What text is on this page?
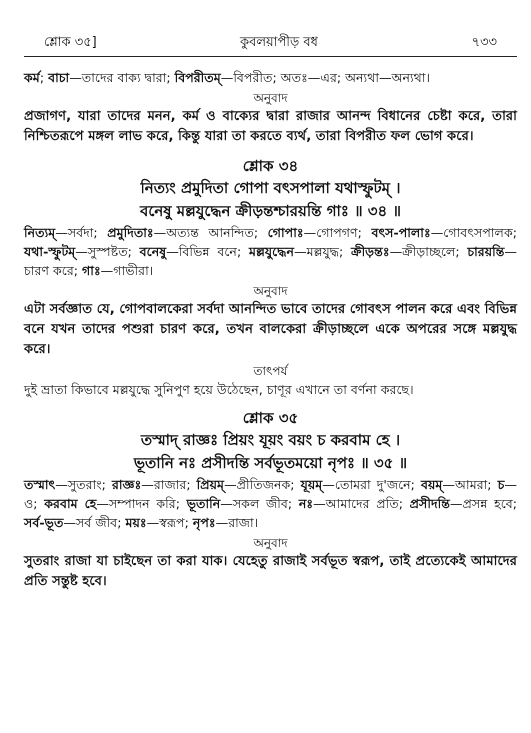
শ্লোক ৩৫]	কুবলয়াপীড় বধ	৭৩৩

কর্ম; বাচা—তাদের বাক্য দ্বারা; বিপরীতম্—বিপরীত; অতঃ—এর; অন্যথা—অন্যথা।

অনুবাদ

প্রজাগণ, যারা তাদের মনন, কর্ম ও বাক্যের দ্বারা রাজার আনন্দ বিধানের চেষ্টা করে, তারা নিশ্চিতরূপে মঙ্গল লাভ করে, কিন্তু যারা তা করতে ব্যর্থ, তারা বিপরীত ফল ভোগ করে।

শ্লোক ৩৪

নিত্যং প্রমুদিতা গোপা বৎসপালা যথাস্ফুটম্ ।

বনেষু মল্লযুদ্ধেন ক্রীড়ন্তশ্চারয়ন্তি গাঃ ॥ ৩৪ ॥

নিত্যম্—সর্বদা; প্রমুদিতাঃ—অত্যন্ত আনন্দিত; গোপাঃ—গোপগণ; বৎস-পালাঃ—গোবৎসপালক; যথা-স্ফুটম্—সুস্পষ্টত; বনেষু—বিভিন্ন বনে; মল্লযুদ্ধেন—মল্লযুদ্ধ; ক্রীড়ন্তঃ—ক্রীড়াচ্ছলে; চারয়ন্তি—চারণ করে; গাঃ—গাভীরা।

অনুবাদ

এটা সর্বজ্ঞাত যে, গোপবালকেরা সর্বদা আনন্দিত ভাবে তাদের গোবৎস পালন করে এবং বিভিন্ন বনে যখন তাদের পশুরা চারণ করে, তখন বালকেরা ক্রীড়াচ্ছলে একে অপরের সঙ্গে মল্লযুদ্ধ করে।

তাৎপর্য

দুই ভ্রাতা কিভাবে মল্লযুদ্ধে সুনিপুণ হয়ে উঠেছেন, চাণূর এখানে তা বর্ণনা করছে।

শ্লোক ৩৫

তস্মাদ্ রাজ্ঞঃ প্রিয়ং যূয়ং বয়ং চ করবাম হে ।

ভূতানি নঃ প্রসীদন্তি সর্বভূতময়ো নৃপঃ ॥ ৩৫ ॥

তস্মাৎ—সুতরাং; রাজ্ঞঃ—রাজার; প্রিয়ম্—প্রীতিজনক; যূয়ম্—তোমরা দু'জনে; বয়ম্—আমরা; চ—ও; করবাম হে—সম্পাদন করি; ভূতানি—সকল জীব; নঃ—আমাদের প্রতি; প্রসীদন্তি—প্রসন্ন হবে; সর্ব-ভূত—সর্ব জীব; ময়ঃ—স্বরূপ; নৃপঃ—রাজা।

অনুবাদ

সুতরাং রাজা যা চাইছেন তা করা যাক। যেহেতু রাজাই সর্বভূত স্বরূপ, তাই প্রত্যেকেই আমাদের প্রতি সন্তুষ্ট হবে।
